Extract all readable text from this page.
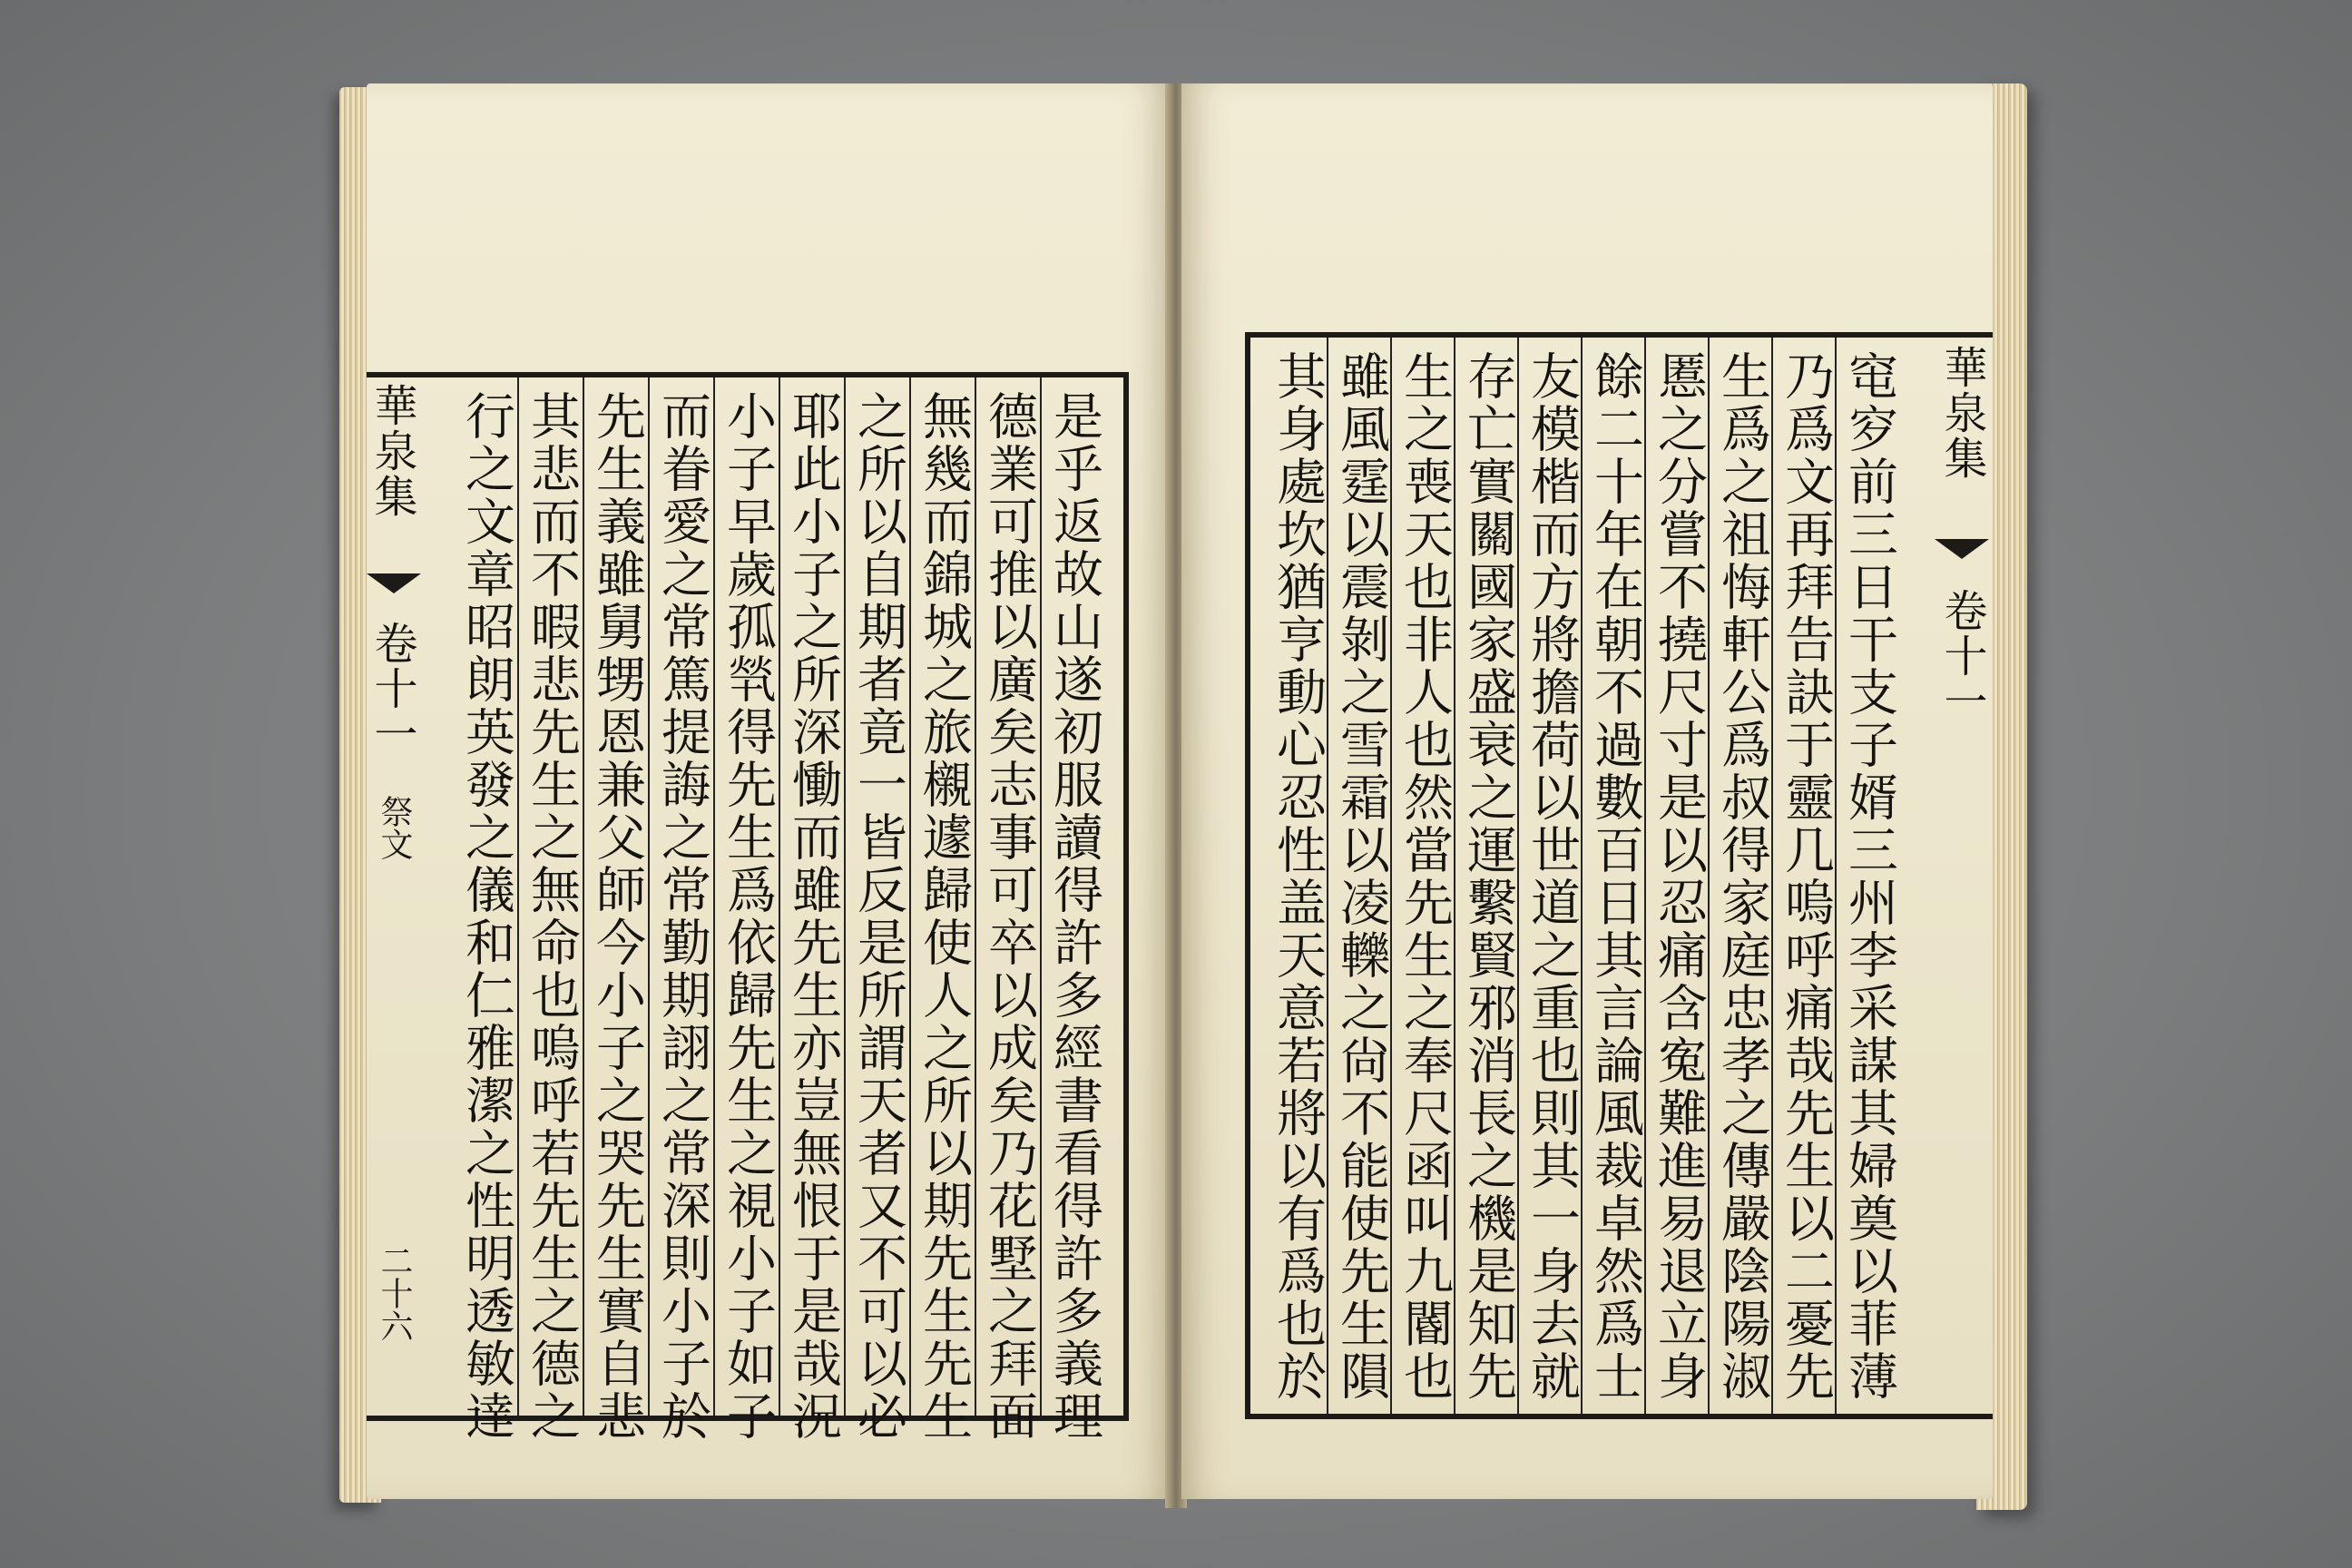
是乎返故山遂初服讀得許多經書看得許多義理
德業可推以廣矣志事可卒以成矣乃花墅之拜面
無幾而錦城之旅櫬遽歸使人之所以期先生先生
之所以自期者竟一皆反是所謂天者又不可以必
耶此小子之所深慟而雖先生亦豈無恨于是哉況
小子早歲孤㷀得先生爲依歸先生之視小子如子
而眷愛之常篤提誨之常勤期詡之常深則小子於
先生義雖舅甥恩兼父師今小子之哭先生實自悲
其悲而不暇悲先生之無命也嗚呼若先生之德之
行之文章昭朗英發之儀和仁雅潔之性明透敏達
華泉集
卷十一
祭文
二十六	窀穸前三日干支子婿三州李采謀其婦奠以菲薄
乃爲文再拜告訣于靈几嗚呼痛哉先生以二憂先
生爲之祖悔軒公爲叔得家庭忠孝之傳嚴陰陽淑
慝之分嘗不撓尺寸是以忍痛含寃難進易退立身
餘二十年在朝不過數百日其言論風裁卓然爲士
友模楷而方將擔荷以世道之重也則其一身去就
存亡實關國家盛衰之運繫賢邪消長之機是知先
生之喪天也非人也然當先生之奉尺函叫九閽也
雖風霆以震剝之雪霜以凌轢之尙不能使先生隕
其身處坎猶亨動心忍性盖天意若將以有爲也於	華泉集
卷十一
